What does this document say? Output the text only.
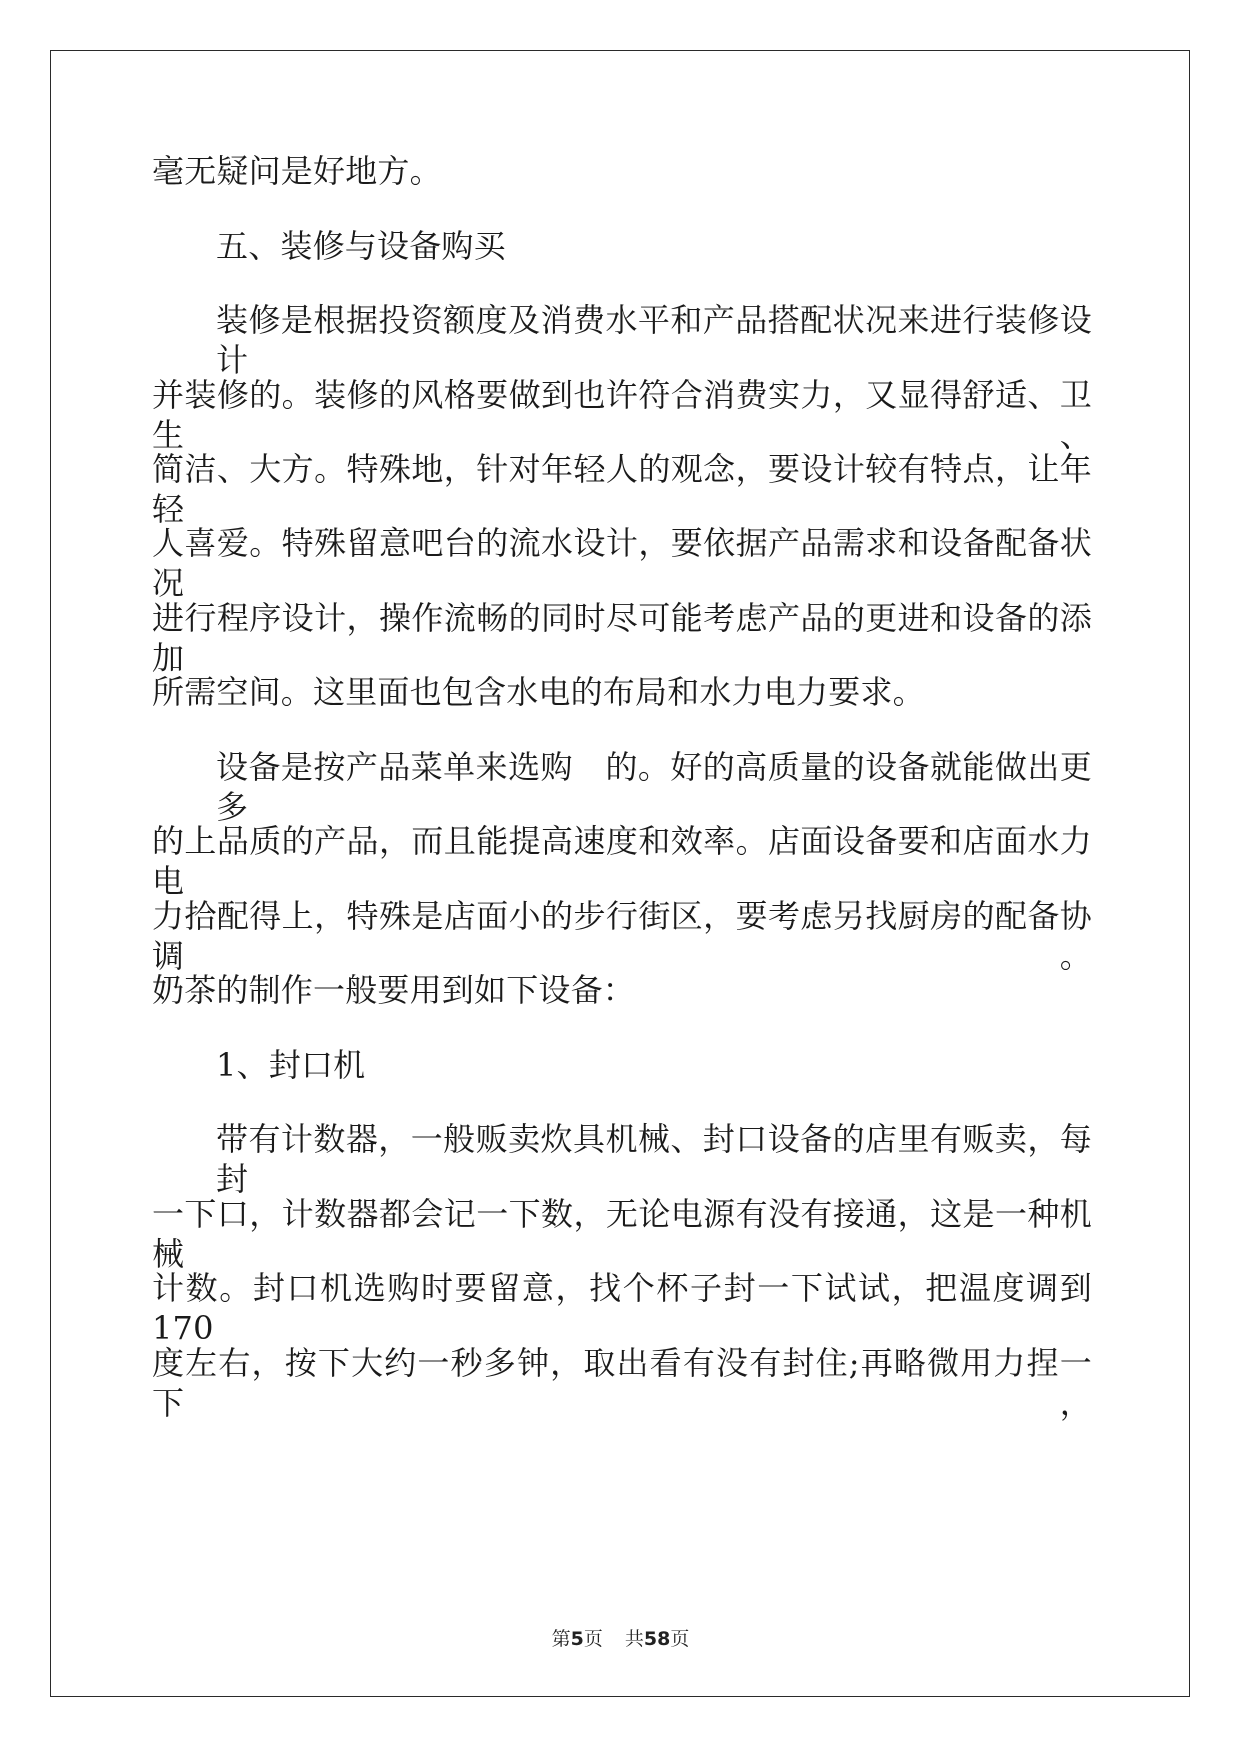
毫无疑问是好地方。
五、装修与设备购买
装修是根据投资额度及消费水平和产品搭配状况来进行装修设计
并装修的。装修的风格要做到也许符合消费实力，又显得舒适、卫生、
简洁、大方。特殊地，针对年轻人的观念，要设计较有特点，让年轻
人喜爱。特殊留意吧台的流水设计，要依据产品需求和设备配备状况
进行程序设计，操作流畅的同时尽可能考虑产品的更进和设备的添加
所需空间。这里面也包含水电的布局和水力电力要求。
设备是按产品菜单来选购　的。好的高质量的设备就能做出更多
的上品质的产品，而且能提高速度和效率。店面设备要和店面水力电
力拾配得上，特殊是店面小的步行街区，要考虑另找厨房的配备协调。
奶茶的制作一般要用到如下设备：
1、封口机
带有计数器，一般贩卖炊具机械、封口设备的店里有贩卖，每封
一下口，计数器都会记一下数，无论电源有没有接通，这是一种机械
计数。封口机选购时要留意，找个杯子封一下试试，把温度调到 170
度左右，按下大约一秒多钟，取出看有没有封住;再略微用力捏一下，
第5页 共58页
